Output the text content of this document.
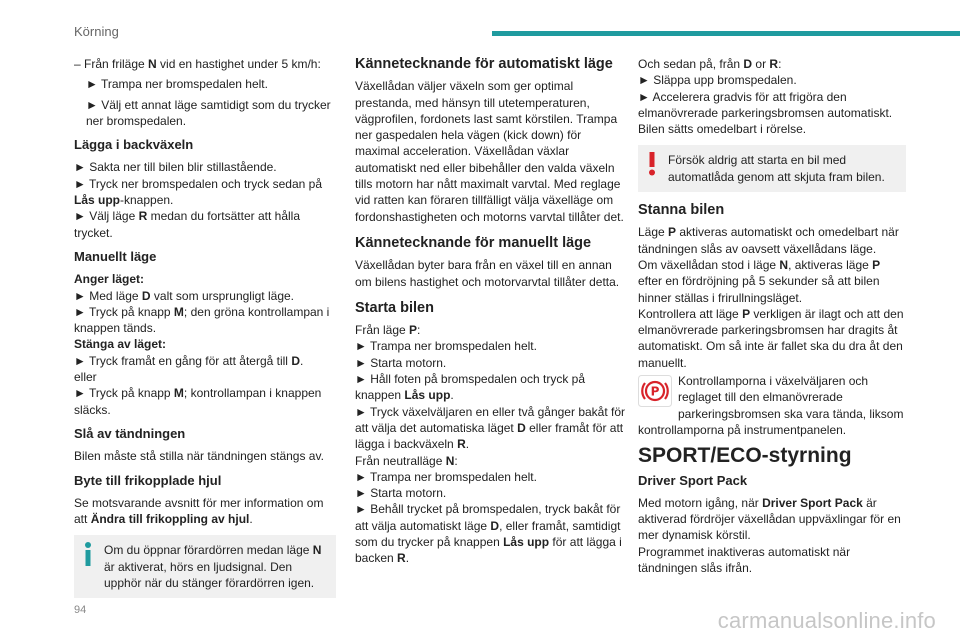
Körning

– Från friläge N vid en hastighet under 5 km/h:

► Trampa ner bromspedalen helt.

► Välj ett annat läge samtidigt som du trycker ner bromspedalen.

Lägga i backväxeln

► Sakta ner till bilen blir stillastående.

► Tryck ner bromspedalen och tryck sedan på Lås upp-knappen.

► Välj läge R medan du fortsätter att hålla trycket.

Manuellt läge

Anger läget:

► Med läge D valt som ursprungligt läge.

► Tryck på knapp M; den gröna kontrollampan i knappen tänds.

Stänga av läget:

► Tryck framåt en gång för att återgå till D.

eller

► Tryck på knapp M; kontrollampan i knappen släcks.

Slå av tändningen

Bilen måste stå stilla när tändningen stängs av.

Byte till frikopplade hjul

Se motsvarande avsnitt för mer information om att Ändra till frikoppling av hjul.

Om du öppnar förardörren medan läge N är aktiverat, hörs en ljudsignal. Den upphör när du stänger förardörren igen.
Kännetecknande för automatiskt läge

Växellådan väljer växeln som ger optimal prestanda, med hänsyn till utetemperaturen, vägprofilen, fordonets last samt körstilen. Trampa ner gaspedalen hela vägen (kick down) för maximal acceleration. Växellådan växlar automatiskt ned eller bibehåller den valda växeln tills motorn har nått maximalt varvtal. Med reglage vid ratten kan föraren tillfälligt välja växelläge om fordonshastigheten och motorns varvtal tillåter det.

Kännetecknande för manuellt läge

Växellådan byter bara från en växel till en annan om bilens hastighet och motorvarvtal tillåter detta.

Starta bilen

Från läge P:

► Trampa ner bromspedalen helt.

► Starta motorn.

► Håll foten på bromspedalen och tryck på knappen Lås upp.

► Tryck växelväljaren en eller två gånger bakåt för att välja det automatiska läget D eller framåt för att lägga i backväxeln R.

Från neutralläge N:

► Trampa ner bromspedalen helt.

► Starta motorn.

► Behåll trycket på bromspedalen, tryck bakåt för att välja automatiskt läge D, eller framåt, samtidigt som du trycker på knappen Lås upp för att lägga i backen R.

Och sedan på, från D or R:

► Släppa upp bromspedalen.

► Accelerera gradvis för att frigöra den elmanövrerade parkeringsbromsen automatiskt. Bilen sätts omedelbart i rörelse.

Försök aldrig att starta en bil med automatlåda genom att skjuta fram bilen.
Stanna bilen

Läge P aktiveras automatiskt och omedelbart när tändningen slås av oavsett växellådans läge.

Om växellådan stod i läge N, aktiveras läge P efter en fördröjning på 5 sekunder så att bilen hinner ställas i frirullningsläget.

Kontrollera att läge P verkligen är ilagt och att den elmanövrerade parkeringsbromsen har dragits åt automatiskt. Om så inte är fallet ska du dra åt den manuellt.

P
Kontrollamporna i växelväljaren och reglaget till den elmanövrerade parkeringsbromsen ska vara tända, liksom kontrollamporna på instrumentpanelen.
SPORT/ECO-styrning
Driver Sport Pack

Med motorn igång, när Driver Sport Pack är aktiverad fördröjer växellådan uppväxlingar för en mer dynamisk körstil.

Programmet inaktiveras automatiskt när tändningen slås ifrån.

94	carmanualsonline.info
